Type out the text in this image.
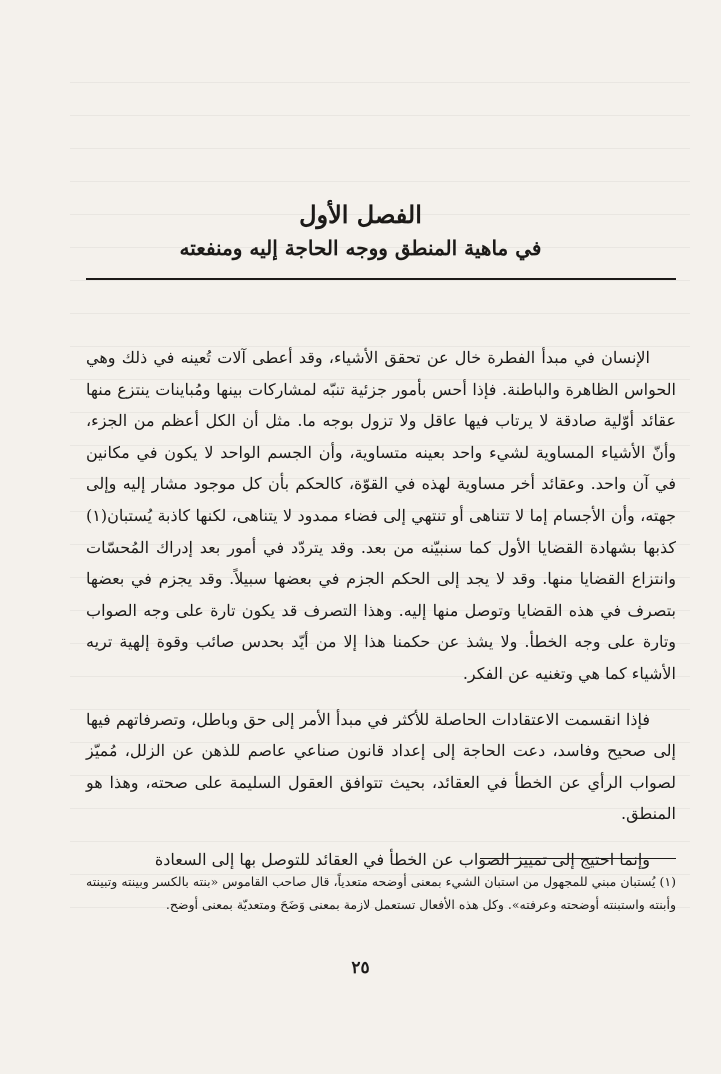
الفصل الأول
في ماهية المنطق ووجه الحاجة إليه ومنفعته

الإنسان في مبدأ الفطرة خال عن تحقق الأشياء، وقد أعطى آلات تُعينه في ذلك وهي الحواس الظاهرة والباطنة. فإذا أحس بأمور جزئية تنبّه لمشاركات بينها ومُباينات ينتزع منها عقائد أوّلية صادقة لا يرتاب فيها عاقل ولا تزول بوجه ما. مثل أن الكل أعظم من الجزء، وأنّ الأشياء المساوية لشيء واحد بعينه متساوية، وأن الجسم الواحد لا يكون في مكانين في آن واحد. وعقائد أخر مساوية لهذه في القوّة، كالحكم بأن كل موجود مشار إليه وإلى جهته، وأن الأجسام إما لا تتناهى أو تنتهي إلى فضاء ممدود لا يتناهى، لكنها كاذبة يُستبان(١) كذبها بشهادة القضايا الأول كما سنبيّنه من بعد. وقد يتردّد في أمور بعد إدراك المُحسّات وانتزاع القضايا منها. وقد لا يجد إلى الحكم الجزم في بعضها سبيلاً. وقد يجزم في بعضها بتصرف في هذه القضايا وتوصل منها إليه. وهذا التصرف قد يكون تارة على وجه الصواب وتارة على وجه الخطأ. ولا يشذ عن حكمنا هذا إلا من أيّد بحدس صائب وقوة إلهية تريه الأشياء كما هي وتغنيه عن الفكر.

فإذا انقسمت الاعتقادات الحاصلة للأكثر في مبدأ الأمر إلى حق وباطل، وتصرفاتهم فيها إلى صحيح وفاسد، دعت الحاجة إلى إعداد قانون صناعي عاصم للذهن عن الزلل، مُميّز لصواب الرأي عن الخطأ في العقائد، بحيث تتوافق العقول السليمة على صحته، وهذا هو المنطق.

وإنما احتيج إلى تمييز الصواب عن الخطأ في العقائد للتوصل بها إلى السعادة

(١) يُستبان مبني للمجهول من استبان الشيء بمعنى أوضحه متعدياً، قال صاحب القاموس «بنته بالكسر وبينته وتبينته وأبنته واستبنته أوضحته وعرفته». وكل هذه الأفعال تستعمل لازمة بمعنى وَضَحَ ومتعديّة بمعنى أوضح.
٢٥
